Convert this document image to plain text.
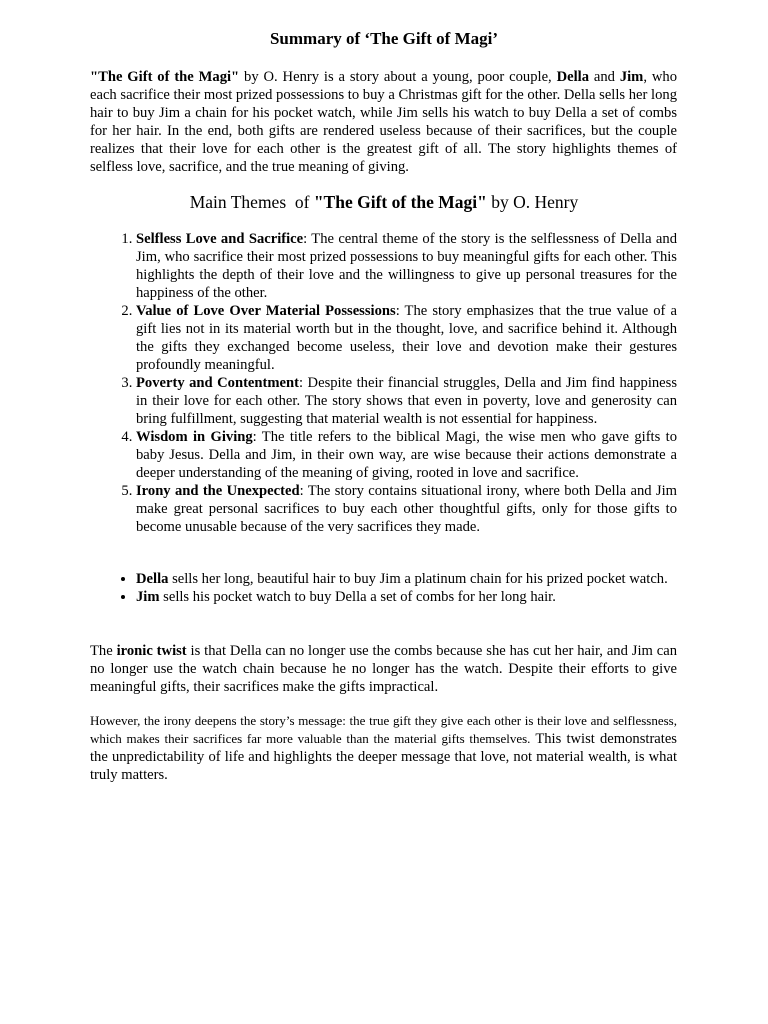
Summary of ‘The Gift of Magi’

"The Gift of the Magi" by O. Henry is a story about a young, poor couple, Della and Jim, who each sacrifice their most prized possessions to buy a Christmas gift for the other. Della sells her long hair to buy Jim a chain for his pocket watch, while Jim sells his watch to buy Della a set of combs for her hair. In the end, both gifts are rendered useless because of their sacrifices, but the couple realizes that their love for each other is the greatest gift of all. The story highlights themes of selfless love, sacrifice, and the true meaning of giving.

Main Themes  of "The Gift of the Magi" by O. Henry
1. Selfless Love and Sacrifice: The central theme of the story is the selflessness of Della and Jim, who sacrifice their most prized possessions to buy meaningful gifts for each other. This highlights the depth of their love and the willingness to give up personal treasures for the happiness of the other.
2. Value of Love Over Material Possessions: The story emphasizes that the true value of a gift lies not in its material worth but in the thought, love, and sacrifice behind it. Although the gifts they exchanged become useless, their love and devotion make their gestures profoundly meaningful.
3. Poverty and Contentment: Despite their financial struggles, Della and Jim find happiness in their love for each other. The story shows that even in poverty, love and generosity can bring fulfillment, suggesting that material wealth is not essential for happiness.
4. Wisdom in Giving: The title refers to the biblical Magi, the wise men who gave gifts to baby Jesus. Della and Jim, in their own way, are wise because their actions demonstrate a deeper understanding of the meaning of giving, rooted in love and sacrifice.
5. Irony and the Unexpected: The story contains situational irony, where both Della and Jim make great personal sacrifices to buy each other thoughtful gifts, only for those gifts to become unusable because of the very sacrifices they made.
• Della sells her long, beautiful hair to buy Jim a platinum chain for his prized pocket watch.
• Jim sells his pocket watch to buy Della a set of combs for her long hair.

The ironic twist is that Della can no longer use the combs because she has cut her hair, and Jim can no longer use the watch chain because he no longer has the watch. Despite their efforts to give meaningful gifts, their sacrifices make the gifts impractical.

However, the irony deepens the story’s message: the true gift they give each other is their love and selflessness, which makes their sacrifices far more valuable than the material gifts themselves. This twist demonstrates the unpredictability of life and highlights the deeper message that love, not material wealth, is what truly matters.
